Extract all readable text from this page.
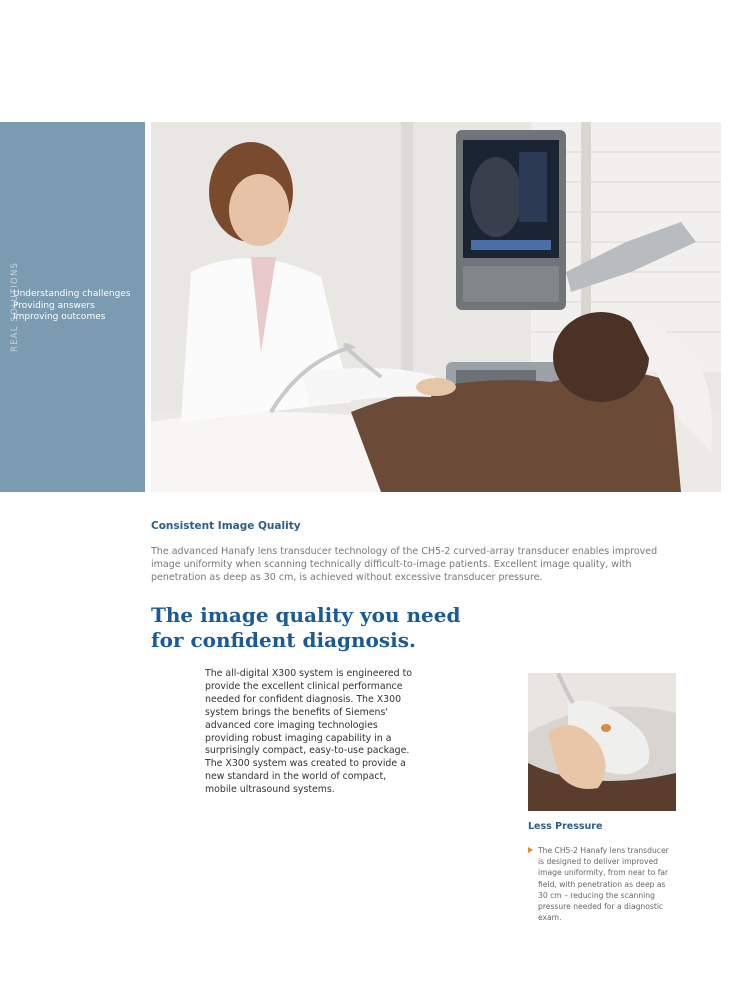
REAL SOLUTIONS
Understanding challenges
Providing answers
Improving outcomes
Consistent Image Quality

The advanced Hanafy lens transducer technology of the CH5-2 curved-array transducer enables improved image uniformity when scanning technically difficult-to-image patients. Excellent image quality, with penetration as deep as 30 cm, is achieved without excessive transducer pressure.

The image quality you need
for confident diagnosis.

The all-digital X300 system is engineered to provide the excellent clinical performance needed for confident diagnosis. The X300 system brings the benefits of Siemens' advanced core imaging technologies providing robust imaging capability in a surprisingly compact, easy-to-use package. The X300 system was created to provide a new standard in the world of compact, mobile ultrasound systems.

Less Pressure
The CH5-2 Hanafy lens transducer is designed to deliver improved image uniformity, from near to far field, with penetration as deep as 30 cm – reducing the scanning pressure needed for a diagnostic exam.
